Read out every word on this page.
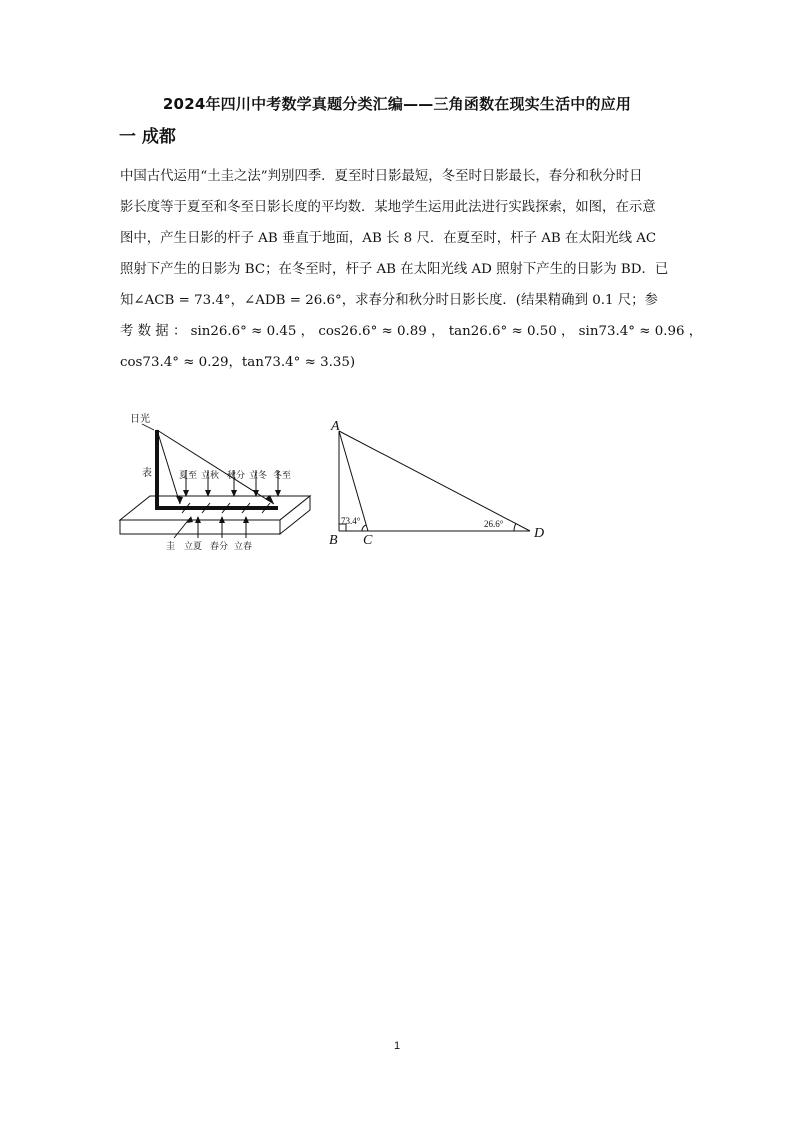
2024年四川中考数学真题分类汇编——三角函数在现实生活中的应用
一 成都
中国古代运用“土圭之法”判别四季．夏至时日影最短，冬至时日影最长，春分和秋分时日
影长度等于夏至和冬至日影长度的平均数．某地学生运用此法进行实践探索，如图，在示意
图中，产生日影的杆子 AB 垂直于地面，AB 长 8 尺．在夏至时，杆子 AB 在太阳光线 AC
照射下产生的日影为 BC；在冬至时，杆子 AB 在太阳光线 AD 照射下产生的日影为 BD．已
知∠ACB = 73.4°，∠ADB = 26.6°，求春分和秋分时日影长度．(结果精确到 0.1 尺；参
考 数 据 ： sin26.6° ≈ 0.45 ， cos26.6° ≈ 0.89 ， tan26.6° ≈ 0.50 ， sin73.4° ≈ 0.96 ，
cos73.4° ≈ 0.29，tan73.4° ≈ 3.35)
日光
表	夏至 立秋 秋分 立冬 冬至
圭 立夏 春分 立春
A
B C	D
73.4°	26.6°
1
